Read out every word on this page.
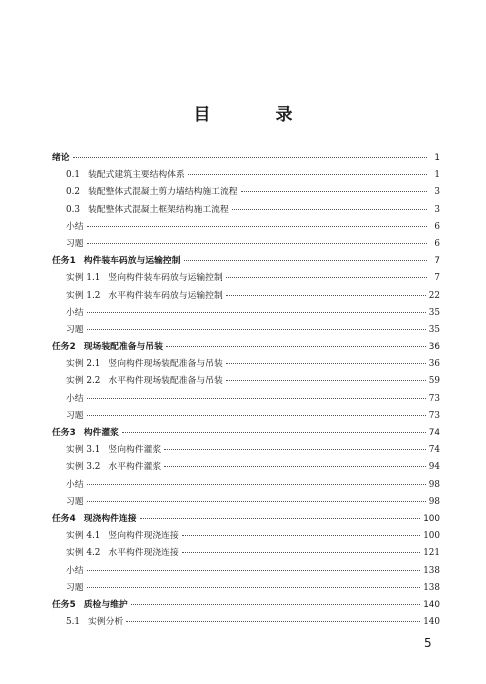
目　录
绪论	1
0.1 装配式建筑主要结构体系	1
0.2 装配整体式混凝土剪力墙结构施工流程	3
0.3 装配整体式混凝土框架结构施工流程	3
小结	6
习题	6
任务1 构件装车码放与运输控制	7
实例 1.1 竖向构件装车码放与运输控制	7
实例 1.2 水平构件装车码放与运输控制	22
小结	35
习题	35
任务2 现场装配准备与吊装	36
实例 2.1 竖向构件现场装配准备与吊装	36
实例 2.2 水平构件现场装配准备与吊装	59
小结	73
习题	73
任务3 构件灌浆	74
实例 3.1 竖向构件灌浆	74
实例 3.2 水平构件灌浆	94
小结	98
习题	98
任务4 现浇构件连接	100
实例 4.1 竖向构件现浇连接	100
实例 4.2 水平构件现浇连接	121
小结	138
习题	138
任务5 质检与维护	140
5.1 实例分析	140
5
